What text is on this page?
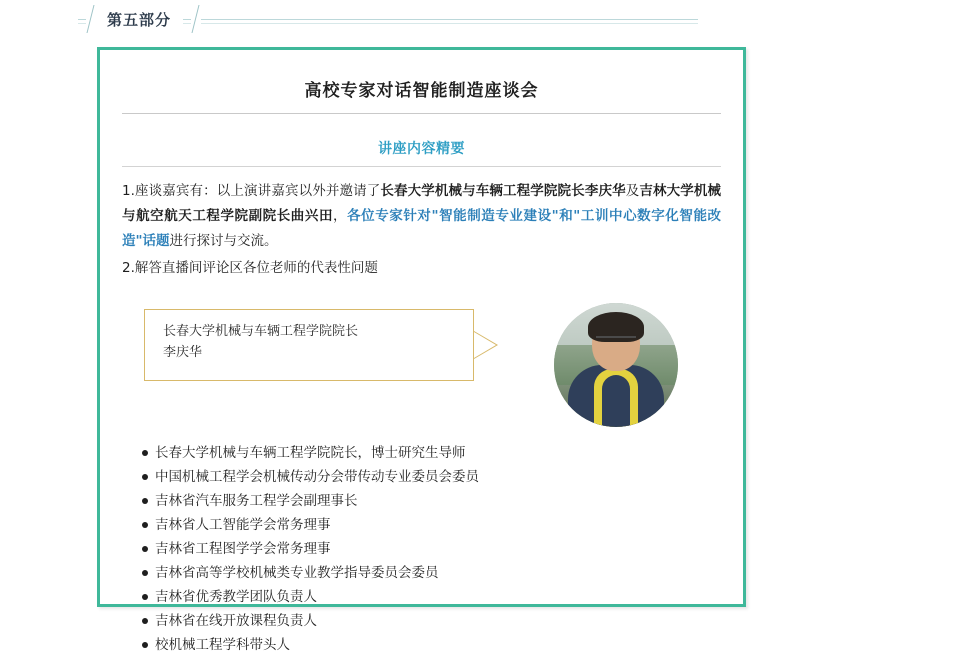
第五部分
高校专家对话智能制造座谈会
讲座内容精要
1.座谈嘉宾有：以上演讲嘉宾以外并邀请了长春大学机械与车辆工程学院院长李庆华及吉林大学机械与航空航天工程学院副院长曲兴田，各位专家针对"智能制造专业建设"和"工训中心数字化智能改造"话题进行探讨与交流。
2.解答直播间评论区各位老师的代表性问题
长春大学机械与车辆工程学院院长
李庆华
长春大学机械与车辆工程学院院长，博士研究生导师
中国机械工程学会机械传动分会带传动专业委员会委员
吉林省汽车服务工程学会副理事长
吉林省人工智能学会常务理事
吉林省工程图学学会常务理事
吉林省高等学校机械类专业教学指导委员会委员
吉林省优秀教学团队负责人
吉林省在线开放课程负责人
校机械工程学科带头人
